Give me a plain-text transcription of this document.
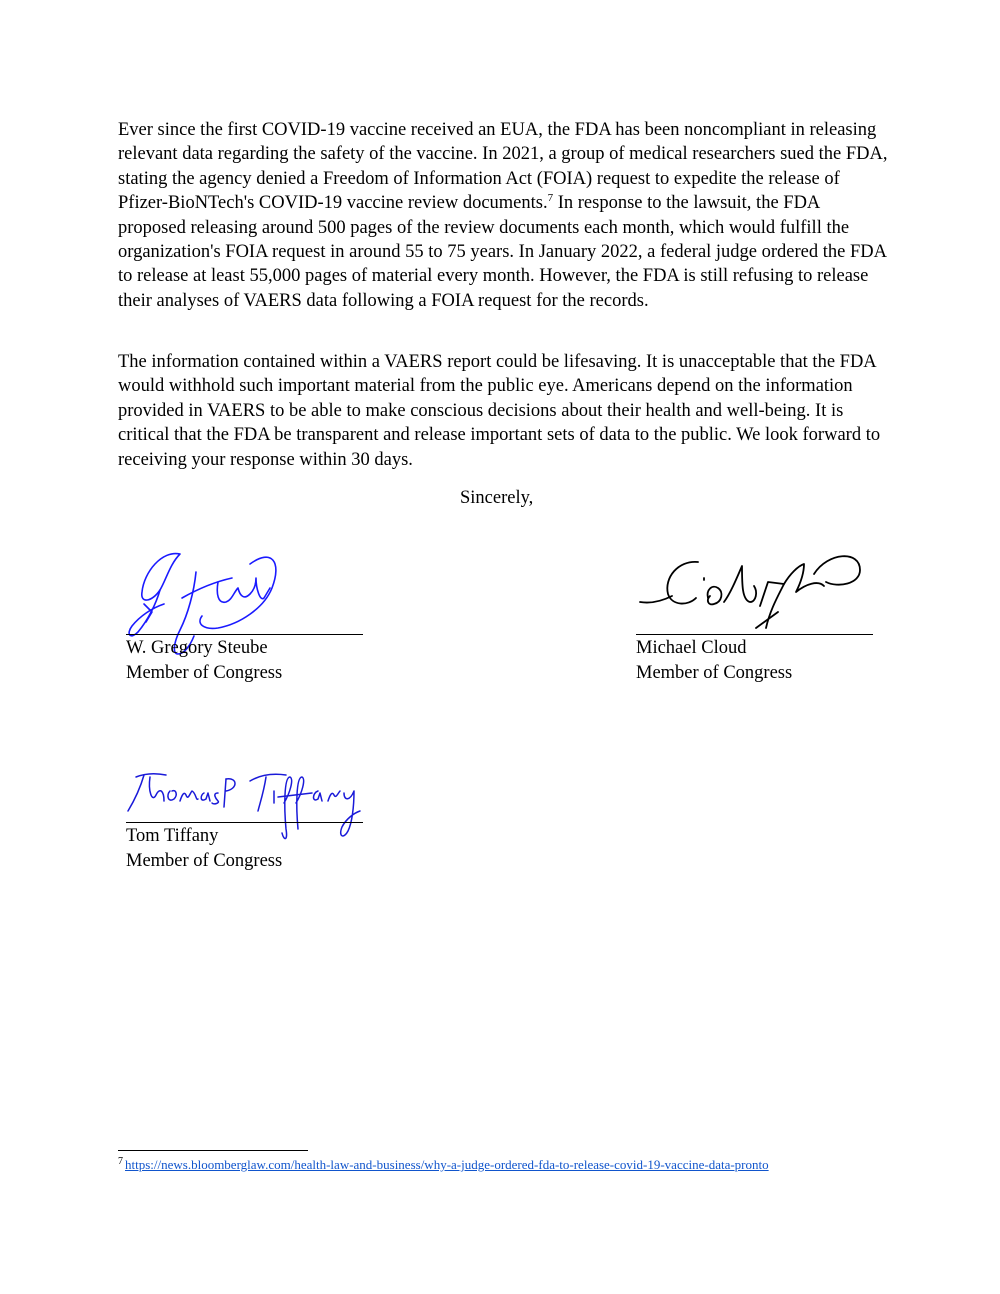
Ever since the first COVID-19 vaccine received an EUA, the FDA has been noncompliant in releasing relevant data regarding the safety of the vaccine. In 2021, a group of medical researchers sued the FDA, stating the agency denied a Freedom of Information Act (FOIA) request to expedite the release of Pfizer-BioNTech's COVID-19 vaccine review documents.$^7$ In response to the lawsuit, the FDA proposed releasing around 500 pages of the review documents each month, which would fulfill the organization's FOIA request in around 55 to 75 years. In January 2022, a federal judge ordered the FDA to release at least 55,000 pages of material every month. However, the FDA is still refusing to release their analyses of VAERS data following a FOIA request for the records.

The information contained within a VAERS report could be lifesaving. It is unacceptable that the FDA would withhold such important material from the public eye. Americans depend on the information provided in VAERS to be able to make conscious decisions about their health and well-being. It is critical that the FDA be transparent and release important sets of data to the public. We look forward to receiving your response within 30 days.

Sincerely,
W. Gregory Steube
Member of Congress
Michael Cloud
Member of Congress
Tom Tiffany
Member of Congress
$^7$ https://news.bloomberglaw.com/health-law-and-business/why-a-judge-ordered-fda-to-release-covid-19-vaccine-data-pronto
